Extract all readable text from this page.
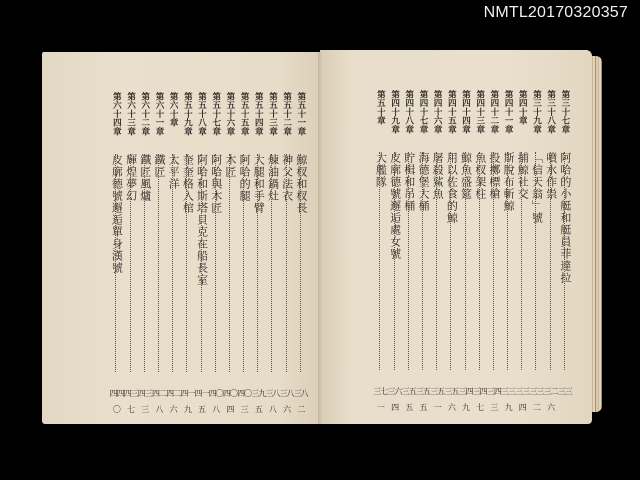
NMTL20170320357
第五十一章
鯨杈和杈長
三八二
第五十二章
神父法衣
三八六
第五十三章
煉油鍋灶
三八八
第五十四章
大腿和手臂
三九五
第五十五章
阿哈的腿
四〇三
第五十六章
木匠
四〇四
第五十七章
阿哈與木匠
四〇八
第五十八章
阿哈和斯塔貝克在船長室
四一五
第五十九章
奎奎格入棺
四一九
第六十章
太平洋
四二六
第六十一章
鐵匠
四二八
第六十二章
鐵匠風爐
四三三
第六十三章
輝煌夢幻
四三七
第六十四章
皮廓德號邂逅單身漢號
四四〇
第三十七章
阿哈的小艇和艇員菲達拉
三三
第三十八章
噴水作祟
三二六
第三十九章
「信天翁」號
三三二
第四十章
捕鯨社交
三三四
第四十一章
斯脫布斬鯨
三三九
第四十二章
投擲標槍
三四三
第四十三章
魚杈架柱
三四七
第四十四章
鯨魚盛筵
三四九
第四十五章
用以佐食的鯨
三五六
第四十六章
屠殺鯊魚
三五一
第四十七章
海德堡大桶
三五五
第四十八章
貯楫和吊桶
三五五
第四十九章
皮廓德號邂逅處女號
三六四
第五十章
大艦隊
三七一
